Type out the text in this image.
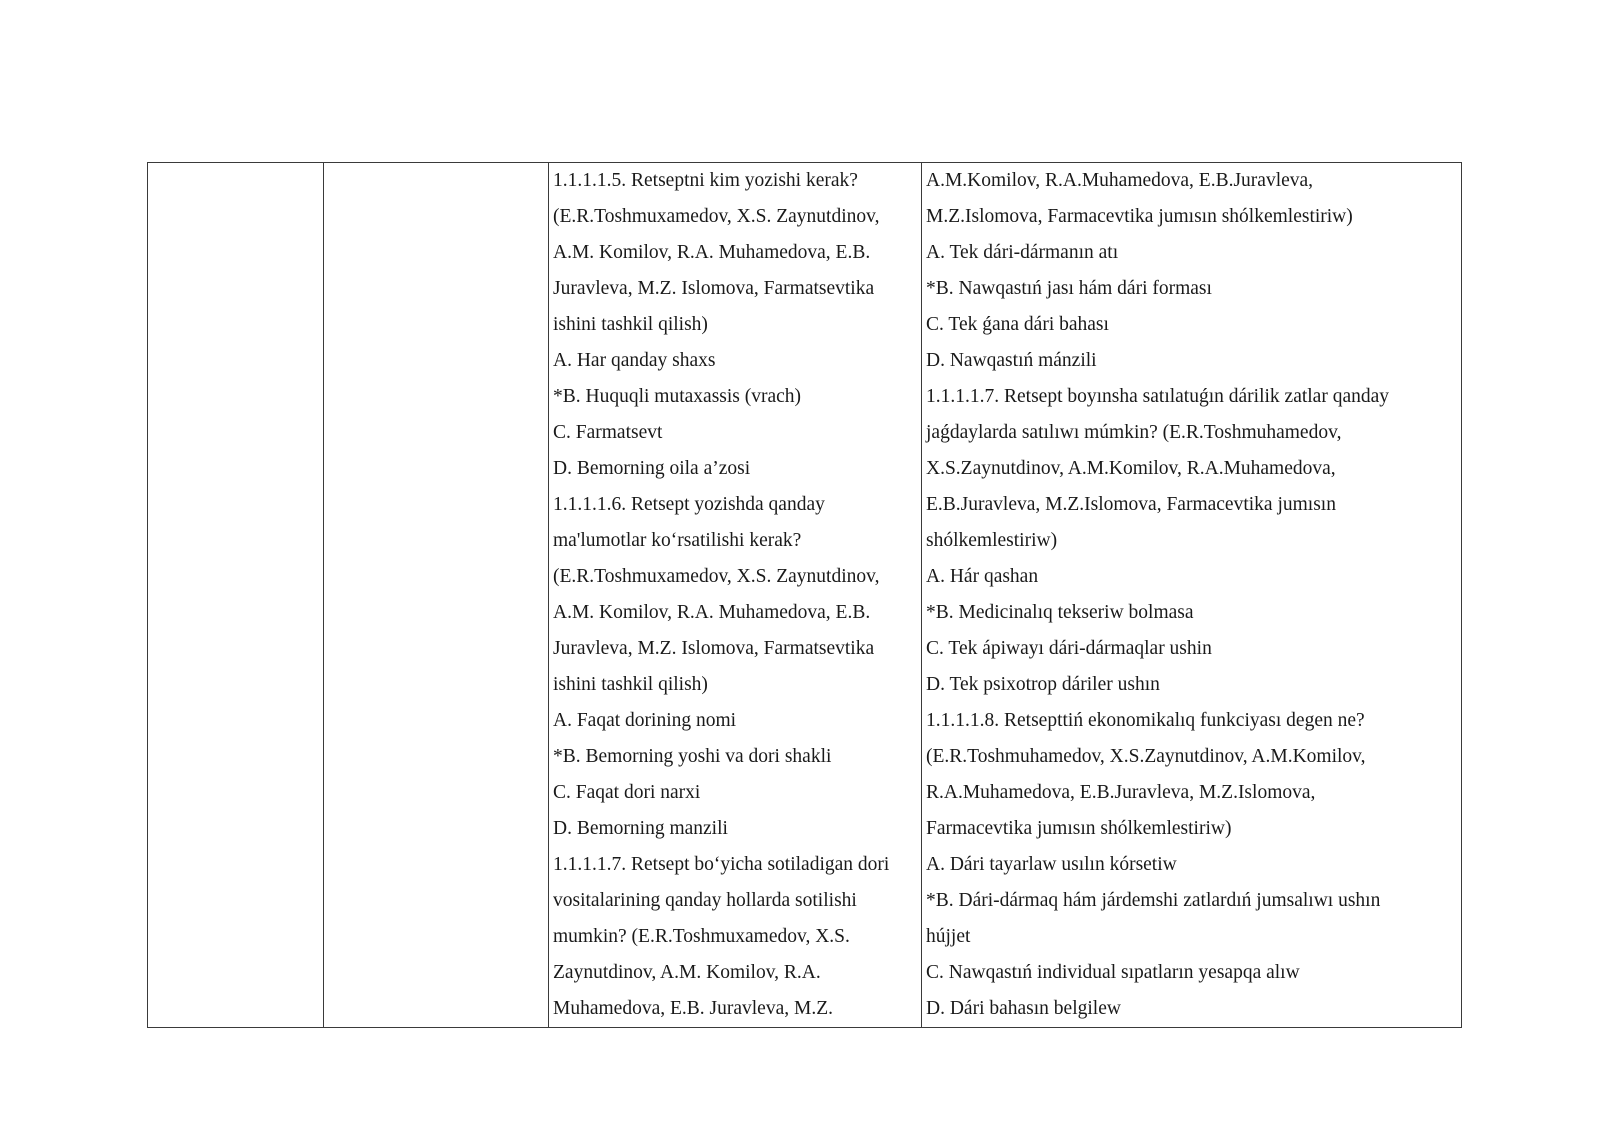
1.1.1.1.5. Retseptni kim yozishi kerak?
(E.R.Toshmuxamedov, X.S. Zaynutdinov,
A.M. Komilov, R.A. Muhamedova, E.B.
Juravleva, M.Z. Islomova, Farmatsevtika
ishini tashkil qilish)
A. Har qanday shaxs
*B. Huquqli mutaxassis (vrach)
C. Farmatsevt
D. Bemorning oila a’zosi
1.1.1.1.6. Retsept yozishda qanday
ma'lumotlar koʻrsatilishi kerak?
(E.R.Toshmuxamedov, X.S. Zaynutdinov,
A.M. Komilov, R.A. Muhamedova, E.B.
Juravleva, M.Z. Islomova, Farmatsevtika
ishini tashkil qilish)
A. Faqat dorining nomi
*B. Bemorning yoshi va dori shakli
C. Faqat dori narxi
D. Bemorning manzili
1.1.1.1.7. Retsept boʻyicha sotiladigan dori
vositalarining qanday hollarda sotilishi
mumkin? (E.R.Toshmuxamedov, X.S.
Zaynutdinov, A.M. Komilov, R.A.
Muhamedova, E.B. Juravleva, M.Z.

A.M.Komilov, R.A.Muhamedova, E.B.Juravleva,
M.Z.Islomova, Farmacevtika jumısın shólkemlestiriw)
A. Tek dári-dármanın atı
*B. Nawqastıń jası hám dári forması
C. Tek ǵana dári bahası
D. Nawqastıń mánzili
1.1.1.1.7. Retsept boyınsha satılatuǵın dárilik zatlar qanday
jaǵdaylarda satılıwı múmkin? (E.R.Toshmuhamedov,
X.S.Zaynutdinov, A.M.Komilov, R.A.Muhamedova,
E.B.Juravleva, M.Z.Islomova, Farmacevtika jumısın
shólkemlestiriw)
A. Hár qashan
*B. Medicinalıq tekseriw bolmasa
C. Tek ápiwayı dári-dármaqlar ushin
D. Tek psixotrop dáriler ushın
1.1.1.1.8. Retsepttiń ekonomikalıq funkciyası degen ne?
(E.R.Toshmuhamedov, X.S.Zaynutdinov, A.M.Komilov,
R.A.Muhamedova, E.B.Juravleva, M.Z.Islomova,
Farmacevtika jumısın shólkemlestiriw)
A. Dári tayarlaw usılın kórsetiw
*B. Dári-dármaq hám járdemshi zatlardıń jumsalıwı ushın
hújjet
C. Nawqastıń individual sıpatların yesapqa alıw
D. Dári bahasın belgilew
